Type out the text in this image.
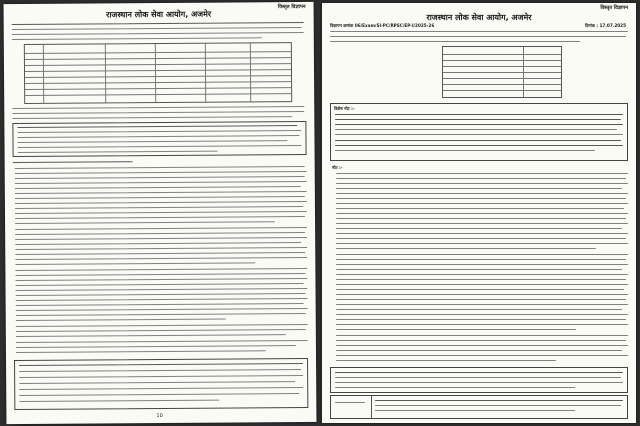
राजस्थान लोक सेवा आयोग, अजमेर
विस्तृत विज्ञापन
10
विस्तृत विज्ञापन
राजस्थान लोक सेवा आयोग, अजमेर
विज्ञापन क्रमांक 06/Exam/SI-PC/RPSC/EP-I/2025-26	दिनांक : 17.07.2025
विशेष नोट :-
नोट :-
